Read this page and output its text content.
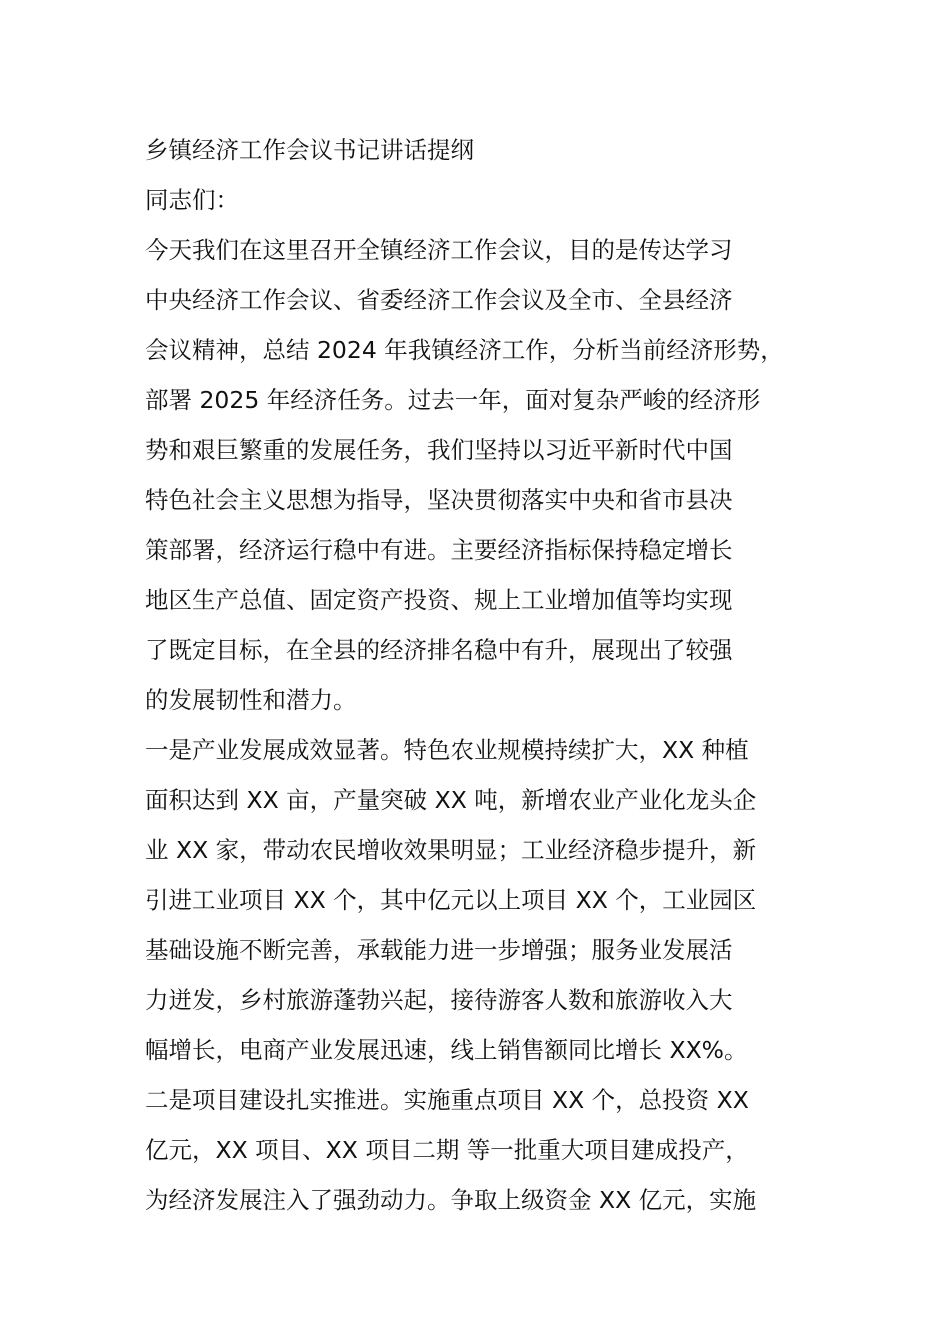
乡镇经济工作会议书记讲话提纲

同志们：

今天我们在这里召开全镇经济工作会议，目的是传达学习

中央经济工作会议、省委经济工作会议及全市、全县经济

会议精神，总结 2024 年我镇经济工作，分析当前经济形势，

部署 2025 年经济任务。过去一年，面对复杂严峻的经济形

势和艰巨繁重的发展任务，我们坚持以习近平新时代中国

特色社会主义思想为指导，坚决贯彻落实中央和省市县决

策部署，经济运行稳中有进。主要经济指标保持稳定增长

地区生产总值、固定资产投资、规上工业增加值等均实现

了既定目标，在全县的经济排名稳中有升，展现出了较强

的发展韧性和潜力。

一是产业发展成效显著。特色农业规模持续扩大，XX 种植

面积达到 XX 亩，产量突破 XX 吨，新增农业产业化龙头企

业 XX 家，带动农民增收效果明显；工业经济稳步提升，新

引进工业项目 XX 个，其中亿元以上项目 XX 个，工业园区

基础设施不断完善，承载能力进一步增强；服务业发展活

力迸发，乡村旅游蓬勃兴起，接待游客人数和旅游收入大

幅增长，电商产业发展迅速，线上销售额同比增长 XX%。

二是项目建设扎实推进。实施重点项目 XX 个，总投资 XX

亿元，XX 项目、XX 项目二期 等一批重大项目建成投产，

为经济发展注入了强劲动力。争取上级资金 XX 亿元，实施
